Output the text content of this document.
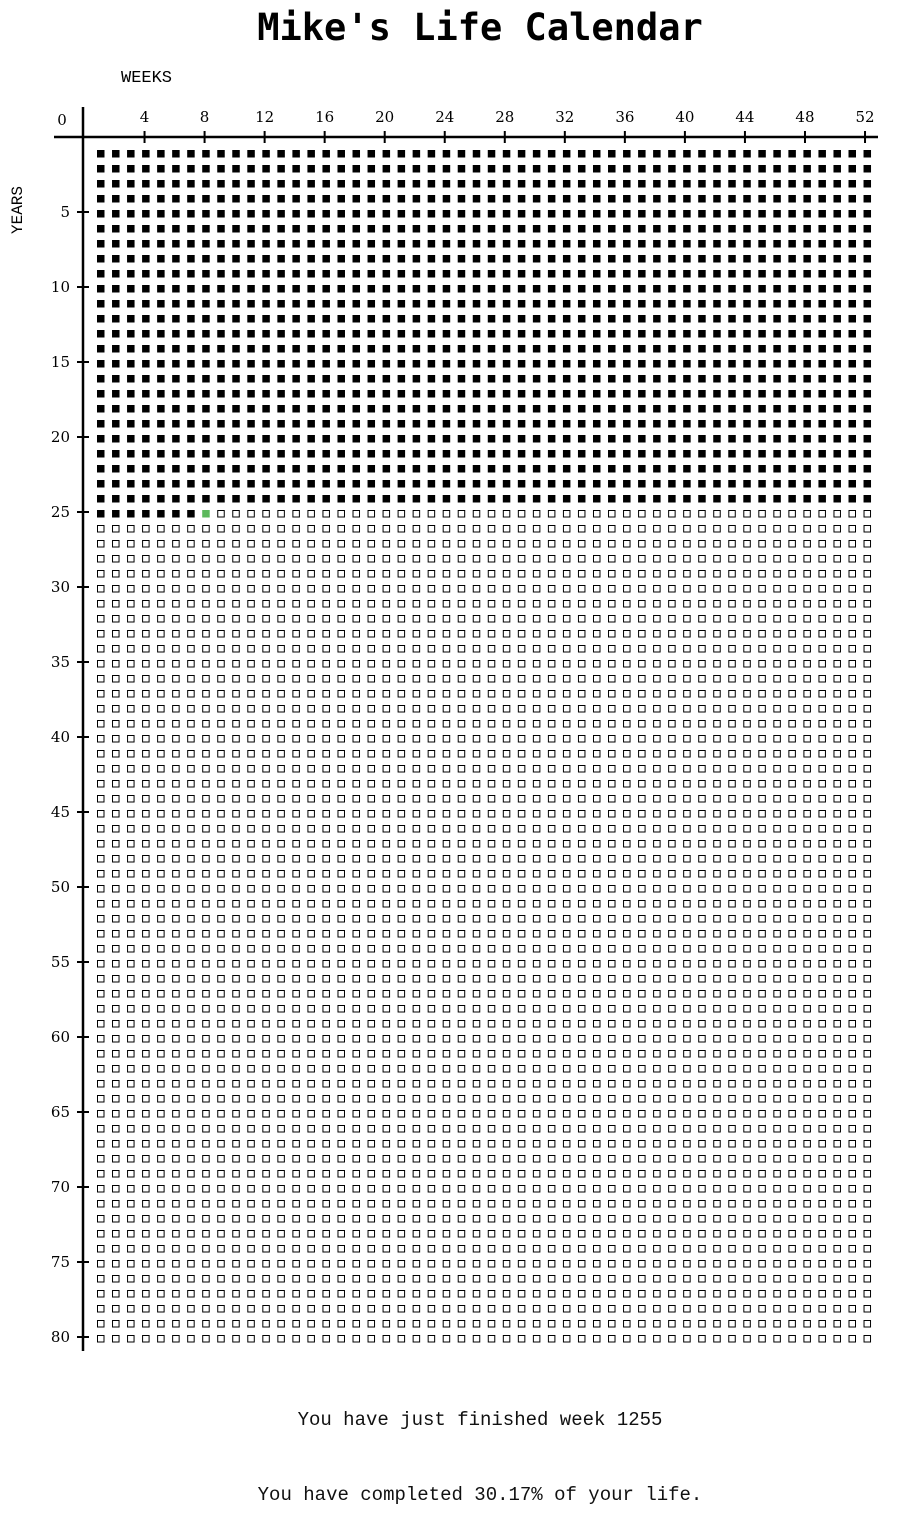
Mike's Life Calendar
WEEKS
YEARS
0	4	8	12	16	20	24	28	32	36	40	44	48	52
5
10
15
20
25
30
35
40
45
50
55
60
65
70
75
80
You have just finished week 1255
You have completed 30.17% of your life.
